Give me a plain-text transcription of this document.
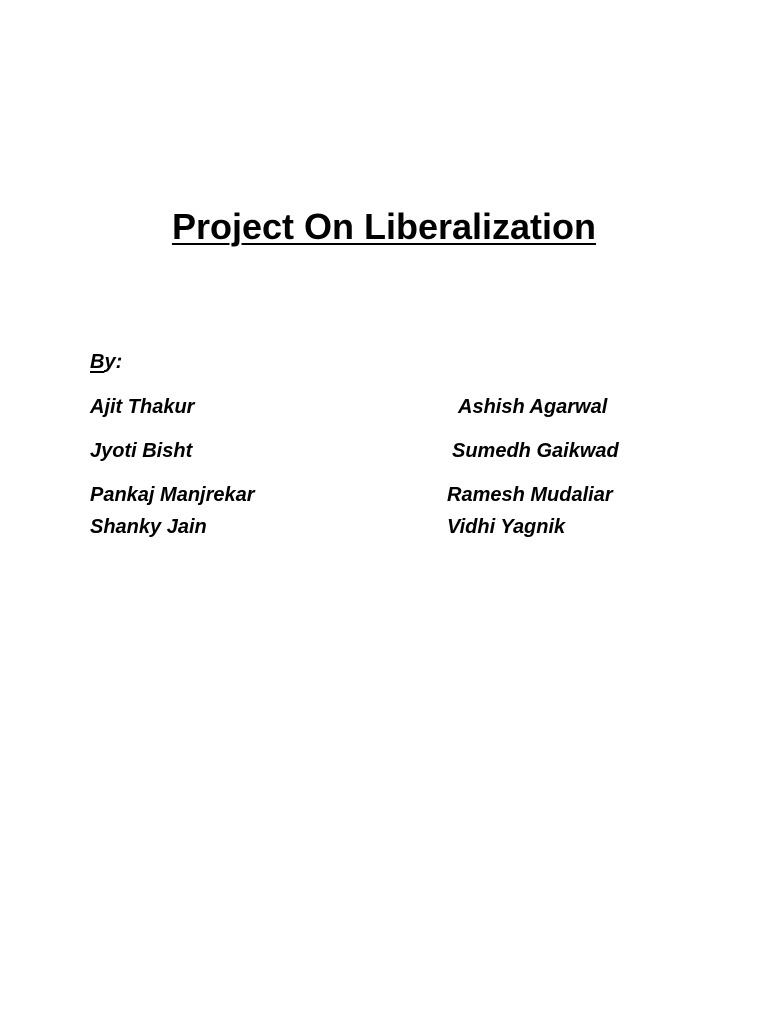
Project On Liberalization
By:
Ajit Thakur
Jyoti Bisht
Pankaj Manjrekar
Shanky Jain
Ashish Agarwal
Sumedh Gaikwad
Ramesh Mudaliar
Vidhi Yagnik
